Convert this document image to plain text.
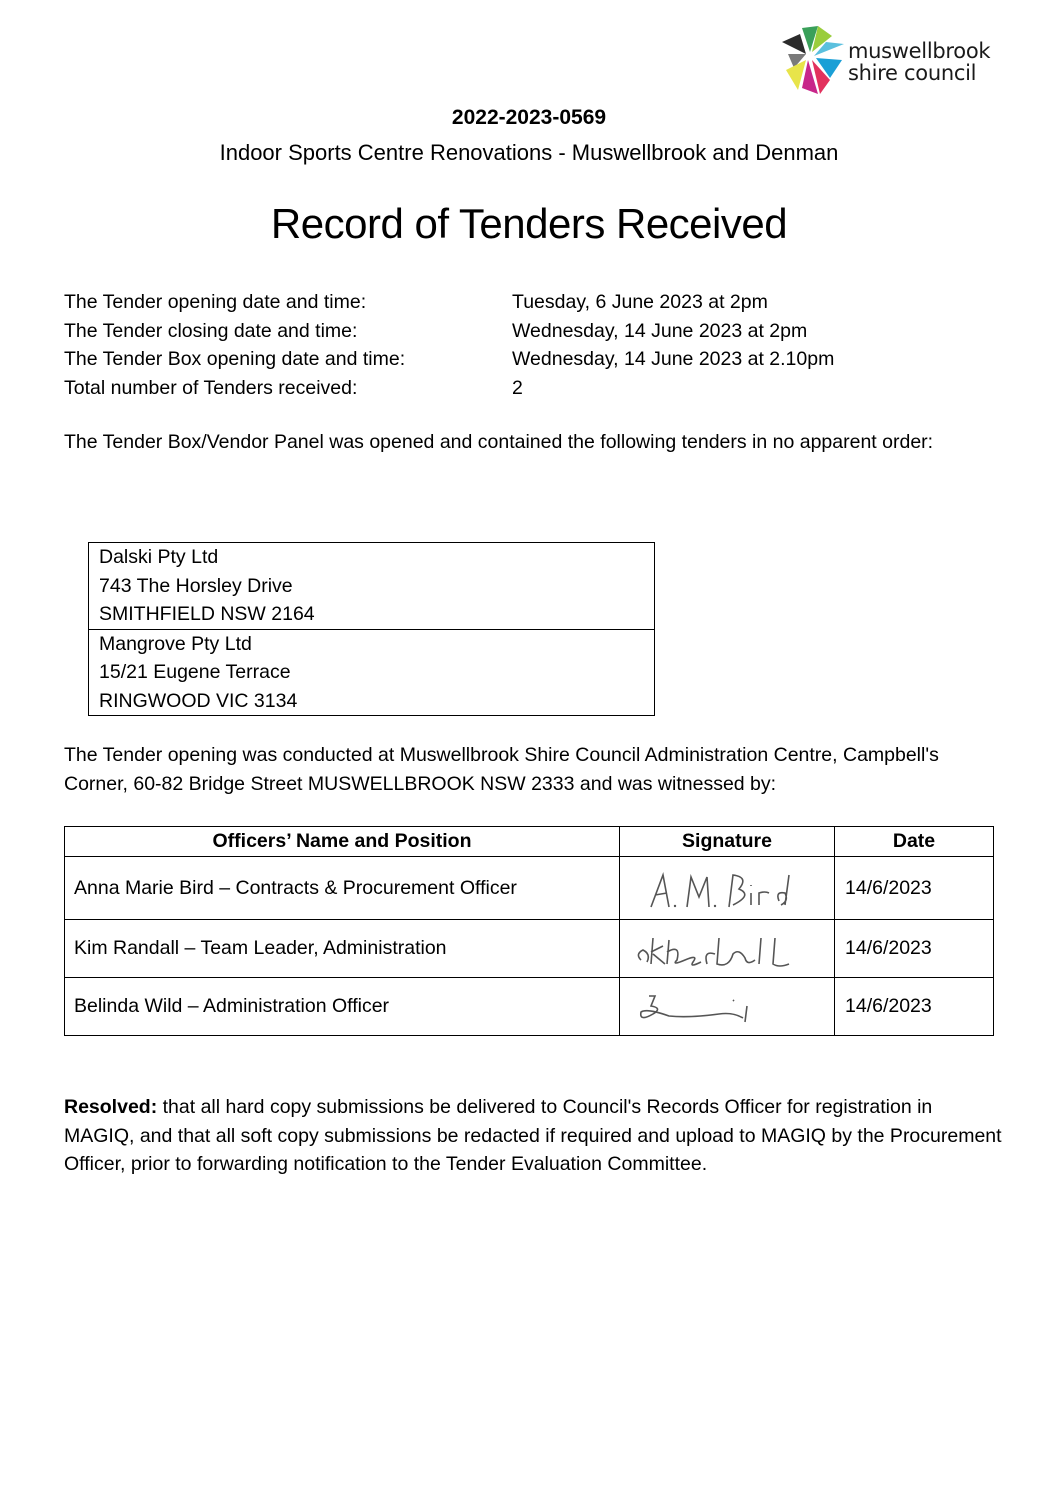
muswellbrook
shire council
2022-2023-0569
Indoor Sports Centre Renovations - Muswellbrook and Denman
Record of Tenders Received
The Tender opening date and time:	Tuesday, 6 June 2023 at 2pm
The Tender closing date and time:	Wednesday, 14 June 2023 at 2pm
The Tender Box opening date and time:	Wednesday, 14 June 2023 at 2.10pm
Total number of Tenders received:	2
The Tender Box/Vendor Panel was opened and contained the following tenders in no apparent order:
Dalski Pty Ltd
743 The Horsley Drive
SMITHFIELD NSW 2164

Mangrove Pty Ltd
15/21 Eugene Terrace
RINGWOOD VIC 3134
The Tender opening was conducted at Muswellbrook Shire Council Administration Centre, Campbell's Corner, 60-82 Bridge Street MUSWELLBROOK NSW 2333 and was witnessed by:
Officers’ Name and Position	Signature	Date
Anna Marie Bird – Contracts & Procurement Officer		14/6/2023
Kim Randall – Team Leader, Administration		14/6/2023
Belinda Wild – Administration Officer		14/6/2023
Resolved: that all hard copy submissions be delivered to Council's Records Officer for registration in MAGIQ, and that all soft copy submissions be redacted if required and upload to MAGIQ by the Procurement Officer, prior to forwarding notification to the Tender Evaluation Committee.
